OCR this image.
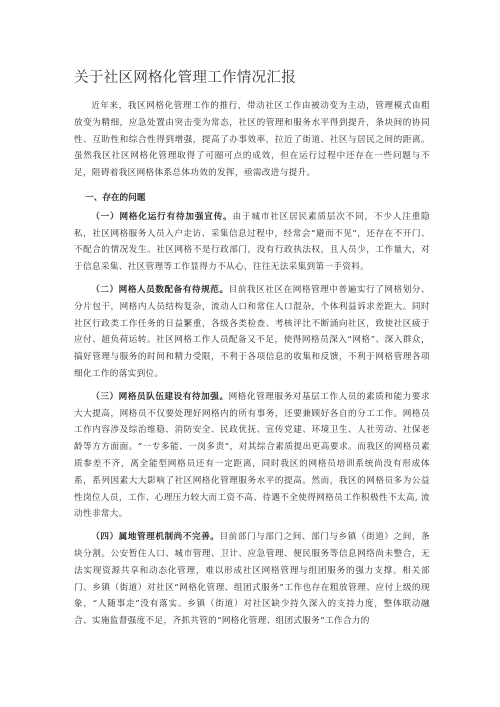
关于社区网格化管理工作情况汇报

近年来，我区网格化管理工作的推行，带动社区工作由被动变为主动，管理模式由粗放变为精细，应急处置由突击变为常态，社区的管理和服务水平得到提升，条块间的协同性、互助性和综合性得到增强，提高了办事效率，拉近了街道、社区与居民之间的距离。虽然我区社区网格化管理取得了可圈可点的成效，但在运行过程中还存在一些问题与不足，阻碍着我区网格体系总体功效的发挥，亟需改进与提升。

一、存在的问题

（一）网格化运行有待加强宣传。由于城市社区居民素质层次不同，不少人注重隐私，社区网格服务人员入户走访、采集信息过程中，经常会“避而不见”，还存在不开门、不配合的情况发生。社区网格不是行政部门，没有行政执法权，且人员少，工作量大，对于信息采集、社区管理等工作显得力不从心，往往无法采集到第一手资料。

（二）网格人员数配备有待规范。目前我区社区在网格管理中普遍实行了网格划分、分片包干，网格内人员结构复杂，流动人口和常住人口混杂，个体利益诉求差距大。同时社区行政类工作任务的日益繁重，各级各类检查、考核评比不断涌向社区，致使社区疲于应付、超负荷运转。社区网格工作人员配备又不足，使得网格员深入“网格”、深入群众，搞好管理与服务的时间和精力受限，不利于各项信息的收集和反馈，不利于网格管理各项细化工作的落实到位。

（三）网格员队伍建设有待加强。网格化管理服务对基层工作人员的素质和能力要求大大提高，网格员不仅要处理好网格内的所有事务，还要兼顾好各自的分工工作。网格员工作内容涉及综治维稳、消防安全、民政优抚、宣传党建、环境卫生、人社劳动、社保老龄等方方面面。“一专多能、一岗多责”，对其综合素质提出更高要求。而我区的网格员素质参差不齐，离全能型网格员还有一定距离，同时我区的网格员培训系统尚没有形成体系，系列因素大大影响了社区网格化管理服务水平的提高。然而，我区的网格员多为公益性岗位人员，工作、心理压力较大而工资不高、待遇不全使得网格员工作积极性不太高, 流动性非常大。

（四）属地管理机制尚不完善。目前部门与部门之间、部门与乡镇（街道）之间，条块分割。公安暂住人口、城市管理、卫计、应急管理、便民服务等信息网络尚未整合，无法实现资源共享和动态化管理，难以形成社区网格管理与组团服务的强力支撑。相关部门、乡镇（街道）对社区“网格化管理、组团式服务”工作也存在粗放管理、应付上级的现象，“人随事走”没有落实。乡镇（街道）对社区缺少持久深入的支持力度，整体联动融合、实施监督强度不足，齐抓共管的“网格化管理、组团式服务”工作合力的
